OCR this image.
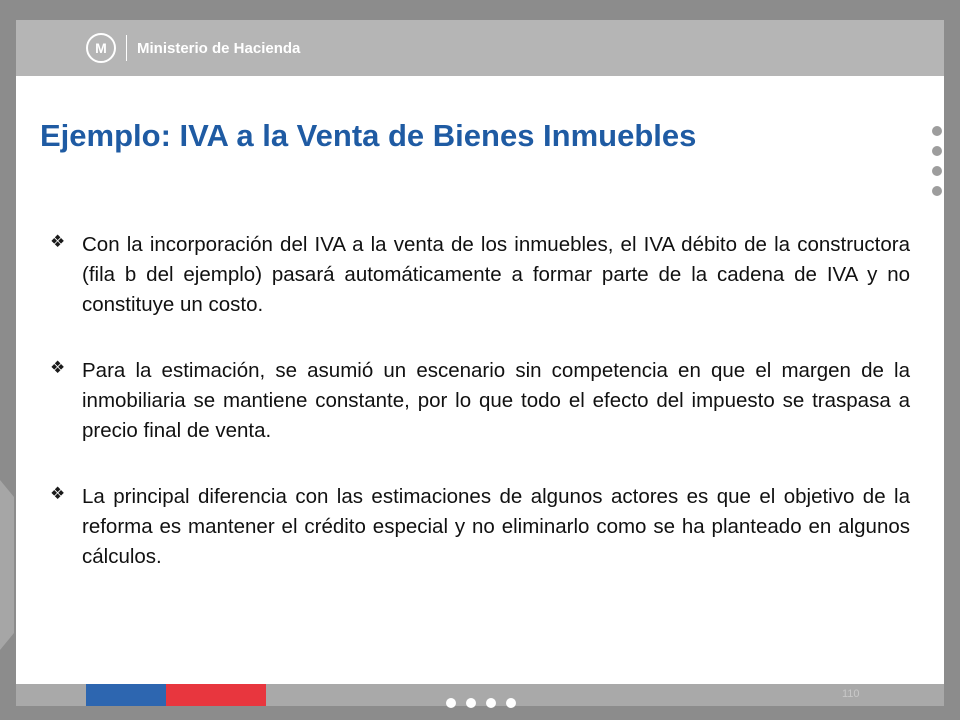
M	Ministerio de Hacienda
Ejemplo: IVA a la Venta de Bienes Inmuebles
❖ Con la incorporación del IVA a la venta de los inmuebles, el IVA débito de la constructora (fila b del ejemplo) pasará automáticamente a formar parte de la cadena de IVA y no constituye un costo.

❖ Para la estimación, se asumió un escenario sin competencia en que el margen de la inmobiliaria se mantiene constante, por lo que todo el efecto del impuesto se traspasa a precio final de venta.

❖ La principal diferencia con las estimaciones de algunos actores es que el objetivo de la reforma es mantener el crédito especial y no eliminarlo como se ha planteado en algunos cálculos.

110
